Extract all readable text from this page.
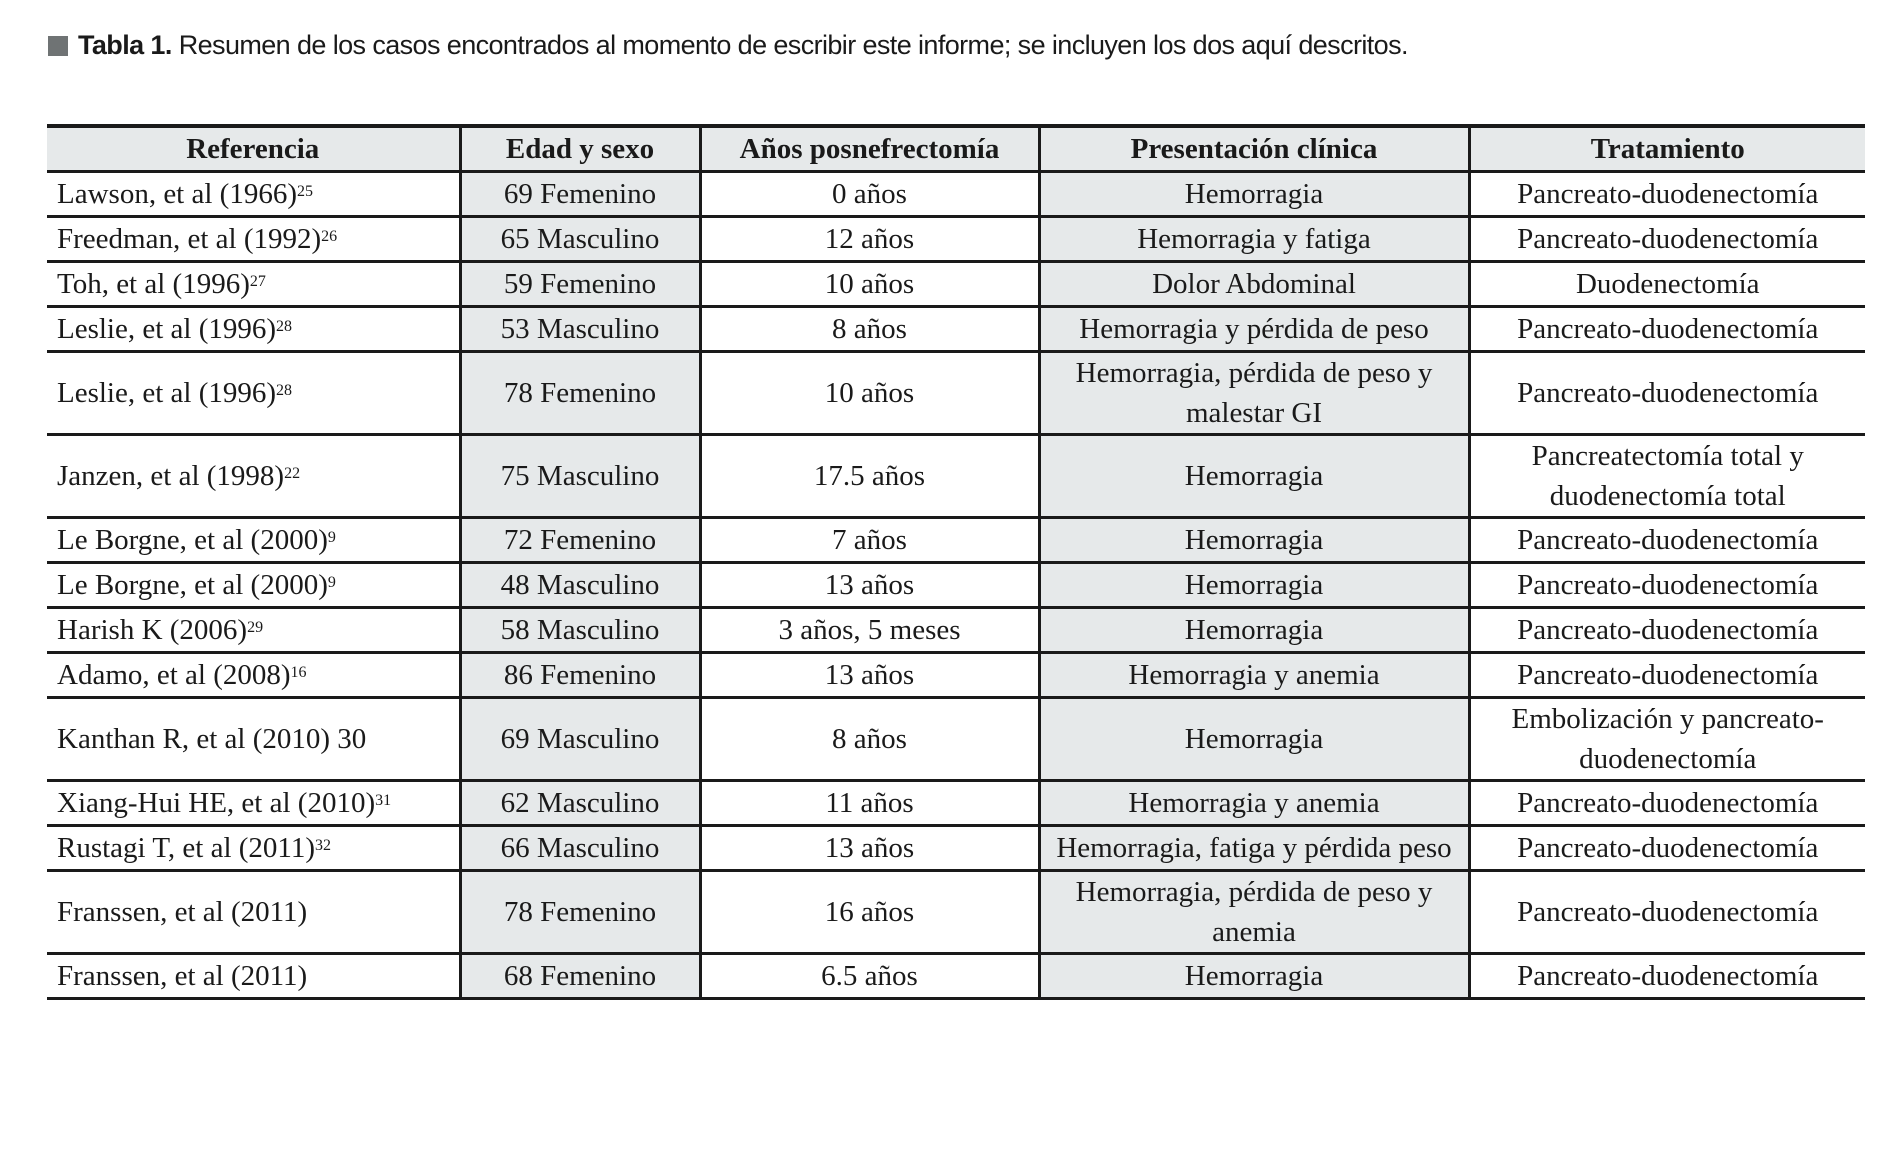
Tabla 1. Resumen de los casos encontrados al momento de escribir este informe; se incluyen los dos aquí descritos.
Referencia	Edad y sexo	Años posnefrectomía	Presentación clínica	Tratamiento
Lawson, et al $(1966)^{25}$	69 Femenino	0 años	Hemorragia	Pancreato-duodenectomía
Freedman, et al $(1992)^{26}$	65 Masculino	12 años	Hemorragia y fatiga	Pancreato-duodenectomía
Toh, et al $(1996)^{27}$	59 Femenino	10 años	Dolor Abdominal	Duodenectomía
Leslie, et al $(1996)^{28}$	53 Masculino	8 años	Hemorragia y pérdida de peso	Pancreato-duodenectomía
Leslie, et al $(1996)^{28}$	78 Femenino	10 años	Hemorragia, pérdida de peso y malestar GI	Pancreato-duodenectomía
Janzen, et al $(1998)^{22}$	75 Masculino	17.5 años	Hemorragia	Pancreatectomía total y duodenectomía total
Le Borgne, et al $(2000)^9$	72 Femenino	7 años	Hemorragia	Pancreato-duodenectomía
Le Borgne, et al $(2000)^9$	48 Masculino	13 años	Hemorragia	Pancreato-duodenectomía
Harish K $(2006)^{29}$	58 Masculino	3 años, 5 meses	Hemorragia	Pancreato-duodenectomía
Adamo, et al $(2008)^{16}$	86 Femenino	13 años	Hemorragia y anemia	Pancreato-duodenectomía
Kanthan R, et al (2010) 30	69 Masculino	8 años	Hemorragia	Embolización y pancreato-duodenectomía
Xiang-Hui HE, et al $(2010)^{31}$	62 Masculino	11 años	Hemorragia y anemia	Pancreato-duodenectomía
Rustagi T, et al $(2011)^{32}$	66 Masculino	13 años	Hemorragia, fatiga y pérdida peso	Pancreato-duodenectomía
Franssen, et al (2011)	78 Femenino	16 años	Hemorragia, pérdida de peso y anemia	Pancreato-duodenectomía
Franssen, et al (2011)	68 Femenino	6.5 años	Hemorragia	Pancreato-duodenectomía
